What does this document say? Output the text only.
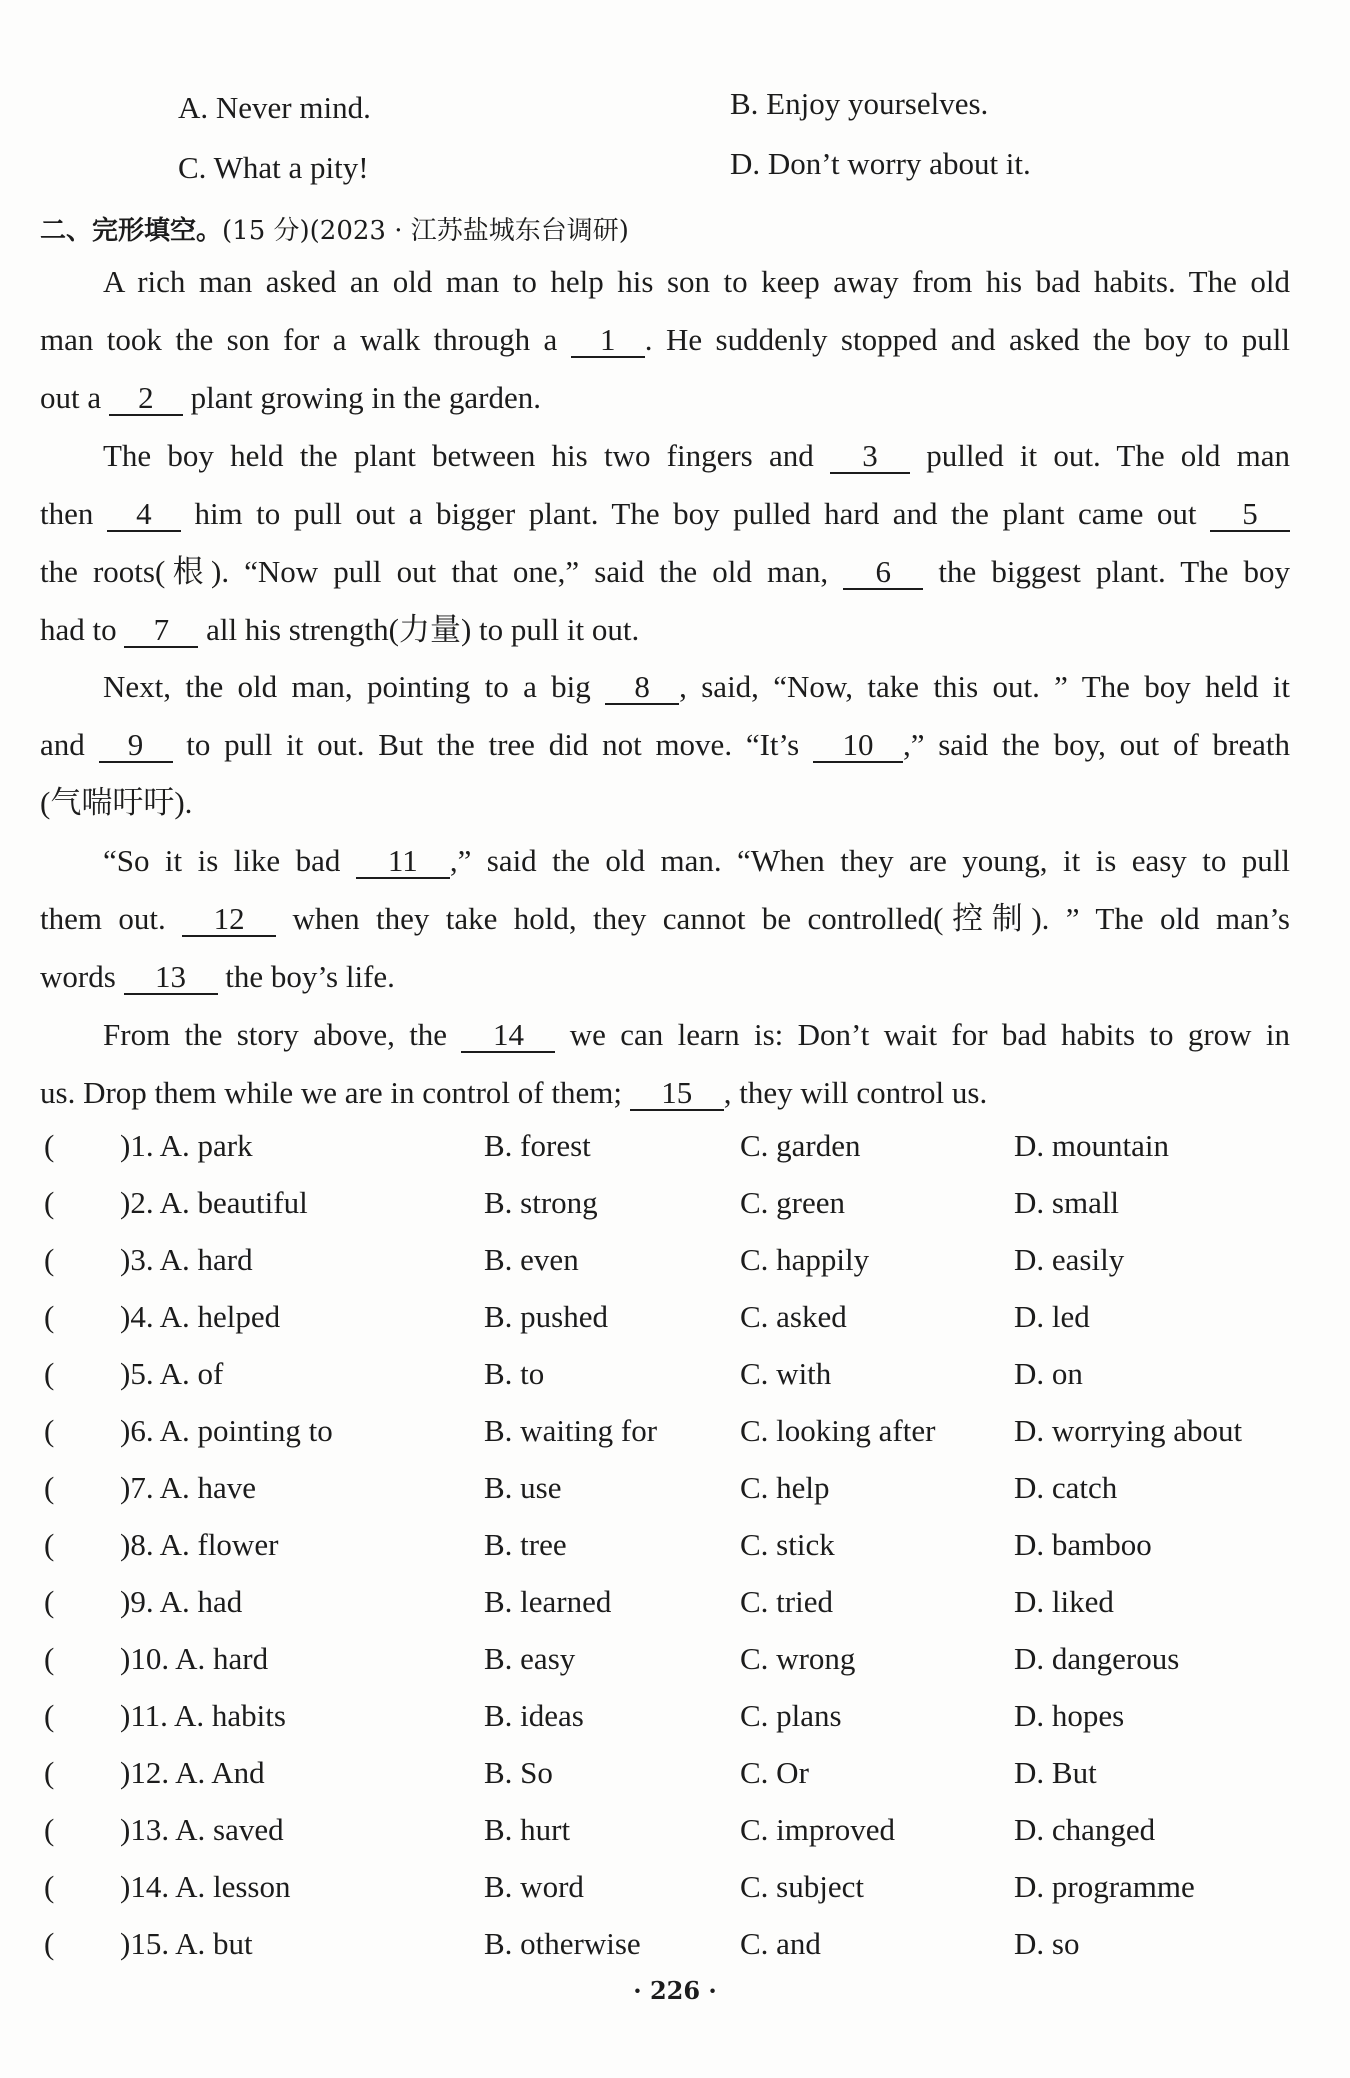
A. Never mind.	B. Enjoy yourselves.
C. What a pity!	D. Don’t worry about it.
二、完形填空。(15 分)(2023 · 江苏盐城东台调研)
A rich man asked an old man to help his son to keep away from his bad habits. The old
man took the son for a walk through a 1 . He suddenly stopped and asked the boy to pull
out a 2 plant growing in the garden.
The boy held the plant between his two fingers and 3 pulled it out. The old man
then 4 him to pull out a bigger plant. The boy pulled hard and the plant came out 5
the roots(根). “Now pull out that one,” said the old man, 6 the biggest plant. The boy
had to 7 all his strength(力量) to pull it out.
Next, the old man, pointing to a big 8 , said, “Now, take this out. ” The boy held it
and 9 to pull it out. But the tree did not move. “It’s 10 ,” said the boy, out of breath
(气喘吁吁).
“So it is like bad 11 ,” said the old man. “When they are young, it is easy to pull
them out. 12 when they take hold, they cannot be controlled(控制). ” The old man’s
words 13 the boy’s life.
From the story above, the 14 we can learn is: Don’t wait for bad habits to grow in
us. Drop them while we are in control of them; 15 , they will control us.
( )1. A. park	B. forest	C. garden	D. mountain
( )2. A. beautiful	B. strong	C. green	D. small
( )3. A. hard	B. even	C. happily	D. easily
( )4. A. helped	B. pushed	C. asked	D. led
( )5. A. of	B. to	C. with	D. on
( )6. A. pointing to	B. waiting for	C. looking after	D. worrying about
( )7. A. have	B. use	C. help	D. catch
( )8. A. flower	B. tree	C. stick	D. bamboo
( )9. A. had	B. learned	C. tried	D. liked
( )10. A. hard	B. easy	C. wrong	D. dangerous
( )11. A. habits	B. ideas	C. plans	D. hopes
( )12. A. And	B. So	C. Or	D. But
( )13. A. saved	B. hurt	C. improved	D. changed
( )14. A. lesson	B. word	C. subject	D. programme
( )15. A. but	B. otherwise	C. and	D. so
· 226 ·
